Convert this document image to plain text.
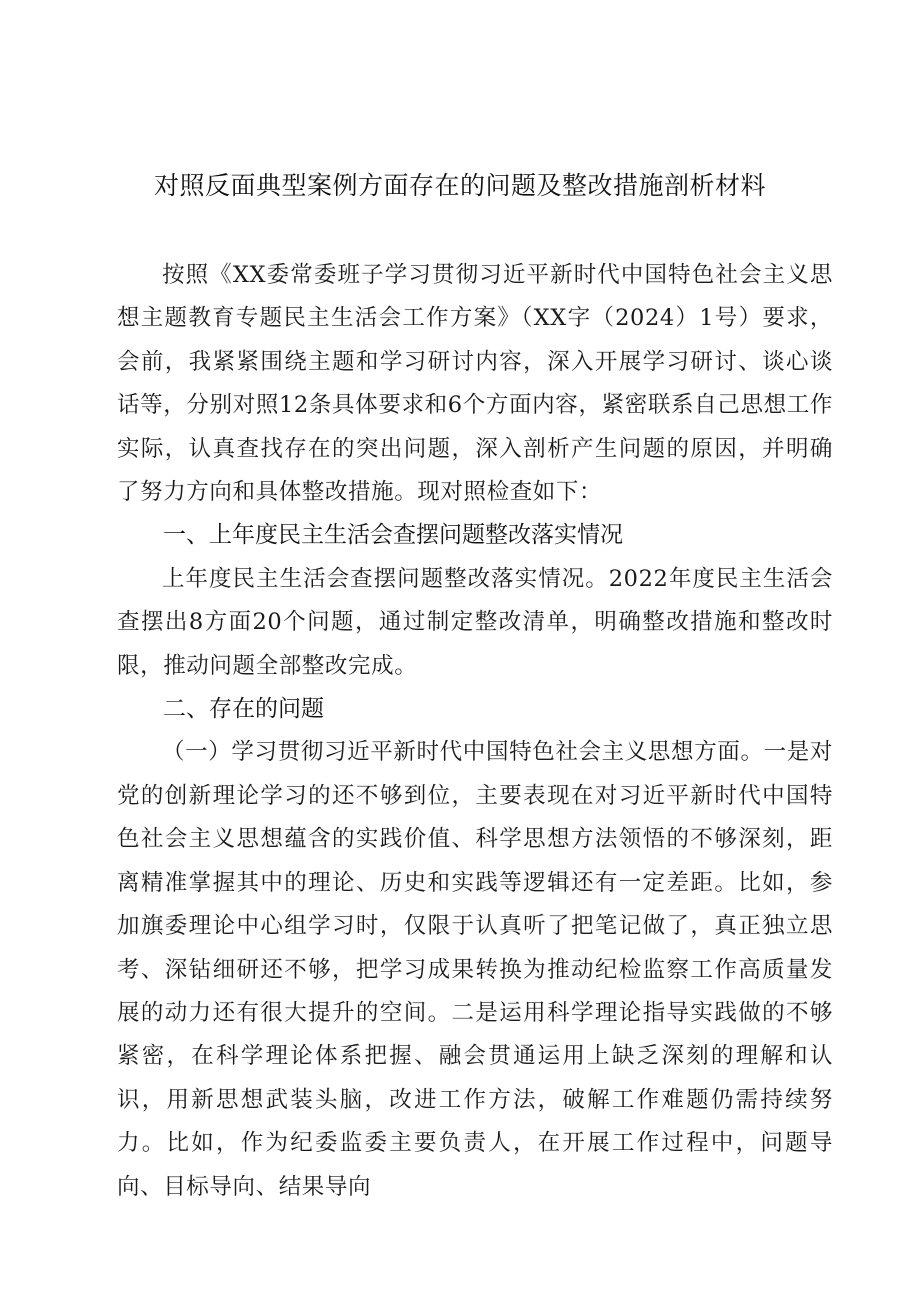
对照反面典型案例方面存在的问题及整改措施剖析材料

按照《XX委常委班子学习贯彻习近平新时代中国特色社会主义思想主题教育专题民主生活会工作方案》（XX字（2024）1号）要求，会前，我紧紧围绕主题和学习研讨内容，深入开展学习研讨、谈心谈话等，分别对照12条具体要求和6个方面内容，紧密联系自己思想工作实际，认真查找存在的突出问题，深入剖析产生问题的原因，并明确了努力方向和具体整改措施。现对照检查如下：

一、上年度民主生活会查摆问题整改落实情况

上年度民主生活会查摆问题整改落实情况。2022年度民主生活会查摆出8方面20个问题，通过制定整改清单，明确整改措施和整改时限，推动问题全部整改完成。

二、存在的问题

（一）学习贯彻习近平新时代中国特色社会主义思想方面。一是对党的创新理论学习的还不够到位，主要表现在对习近平新时代中国特色社会主义思想蕴含的实践价值、科学思想方法领悟的不够深刻，距离精准掌握其中的理论、历史和实践等逻辑还有一定差距。比如，参加旗委理论中心组学习时，仅限于认真听了把笔记做了，真正独立思考、深钻细研还不够，把学习成果转换为推动纪检监察工作高质量发展的动力还有很大提升的空间。二是运用科学理论指导实践做的不够紧密，在科学理论体系把握、融会贯通运用上缺乏深刻的理解和认识，用新思想武装头脑，改进工作方法，破解工作难题仍需持续努力。比如，作为纪委监委主要负责人，在开展工作过程中，问题导向、目标导向、结果导向
